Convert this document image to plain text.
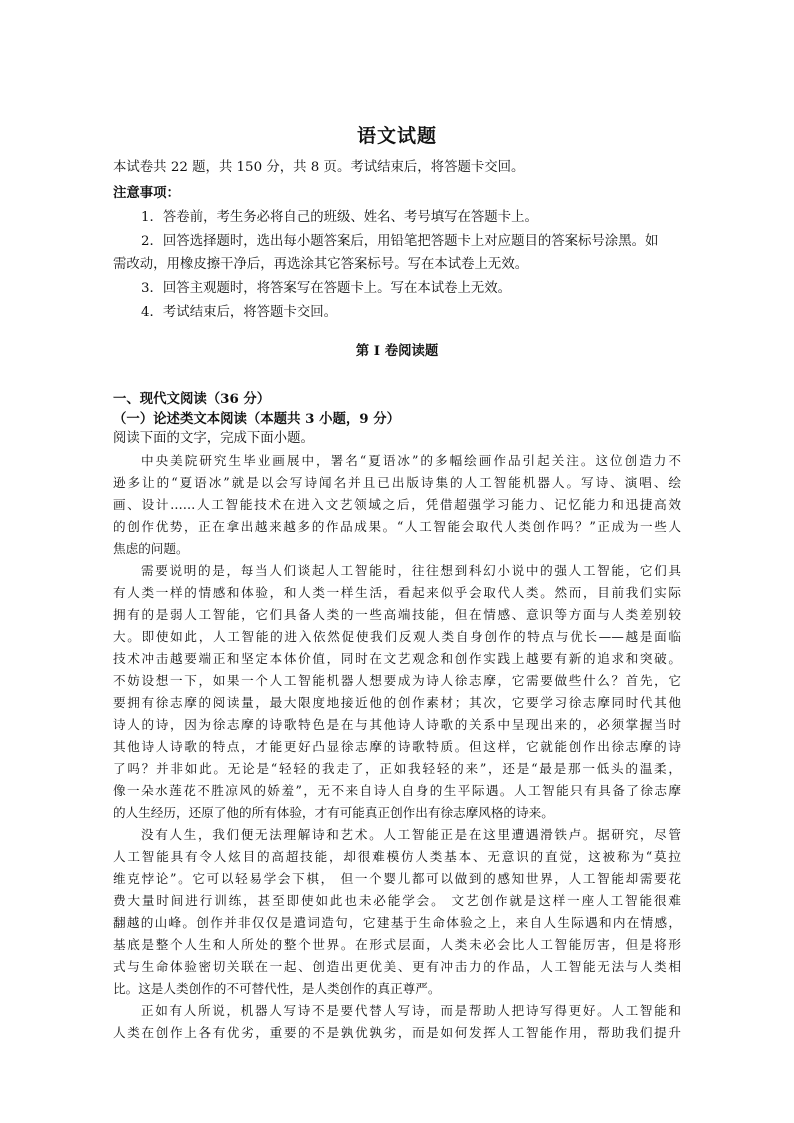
语文试题
本试卷共 22 题，共 150 分，共 8 页。考试结束后，将答题卡交回。
注意事项：
1．答卷前，考生务必将自己的班级、姓名、考号填写在答题卡上。
2．回答选择题时，选出每小题答案后，用铅笔把答题卡上对应题目的答案标号涂黑。如
需改动，用橡皮擦干净后，再选涂其它答案标号。写在本试卷上无效。
3．回答主观题时，将答案写在答题卡上。写在本试卷上无效。
4．考试结束后，将答题卡交回。
第 I 卷阅读题
一、现代文阅读（36 分）
（一）论述类文本阅读（本题共 3 小题，9 分）
阅读下面的文字，完成下面小题。
中央美院研究生毕业画展中，署名“夏语冰”的多幅绘画作品引起关注。这位创造力不
逊多让的“夏语冰”就是以会写诗闻名并且已出版诗集的人工智能机器人。写诗、演唱、绘
画、设计……人工智能技术在进入文艺领域之后，凭借超强学习能力、记忆能力和迅捷高效
的创作优势，正在拿出越来越多的作品成果。“人工智能会取代人类创作吗？”正成为一些人
焦虑的问题。
需要说明的是，每当人们谈起人工智能时，往往想到科幻小说中的强人工智能，它们具
有人类一样的情感和体验，和人类一样生活，看起来似乎会取代人类。然而，目前我们实际
拥有的是弱人工智能，它们具备人类的一些高端技能，但在情感、意识等方面与人类差别较
大。即使如此，人工智能的进入依然促使我们反观人类自身创作的特点与优长——越是面临
技术冲击越要端正和坚定本体价值，同时在文艺观念和创作实践上越要有新的追求和突破。
不妨设想一下，如果一个人工智能机器人想要成为诗人徐志摩，它需要做些什么？首先，它
要拥有徐志摩的阅读量，最大限度地接近他的创作素材；其次，它要学习徐志摩同时代其他
诗人的诗，因为徐志摩的诗歌特色是在与其他诗人诗歌的关系中呈现出来的，必须掌握当时
其他诗人诗歌的特点，才能更好凸显徐志摩的诗歌特质。但这样，它就能创作出徐志摩的诗
了吗？并非如此。无论是“轻轻的我走了，正如我轻轻的来”，还是“最是那一低头的温柔，
像一朵水莲花不胜凉风的娇羞”，无不来自诗人自身的生平际遇。人工智能只有具备了徐志摩
的人生经历，还原了他的所有体验，才有可能真正创作出有徐志摩风格的诗来。
没有人生，我们便无法理解诗和艺术。人工智能正是在这里遭遇滑铁卢。据研究，尽管
人工智能具有令人炫目的高超技能，却很难模仿人类基本、无意识的直觉，这被称为“莫拉
维克悖论”。它可以轻易学会下棋， 但一个婴儿都可以做到的感知世界，人工智能却需要花
费大量时间进行训练，甚至即使如此也未必能学会。 文艺创作就是这样一座人工智能很难
翻越的山峰。创作并非仅仅是遣词造句，它建基于生命体验之上，来自人生际遇和内在情感，
基底是整个人生和人所处的整个世界。在形式层面，人类未必会比人工智能厉害，但是将形
式与生命体验密切关联在一起、创造出更优美、更有冲击力的作品，人工智能无法与人类相
比。这是人类创作的不可替代性，是人类创作的真正尊严。
正如有人所说，机器人写诗不是要代替人写诗，而是帮助人把诗写得更好。人工智能和
人类在创作上各有优劣，重要的不是孰优孰劣，而是如何发挥人工智能作用，帮助我们提升
